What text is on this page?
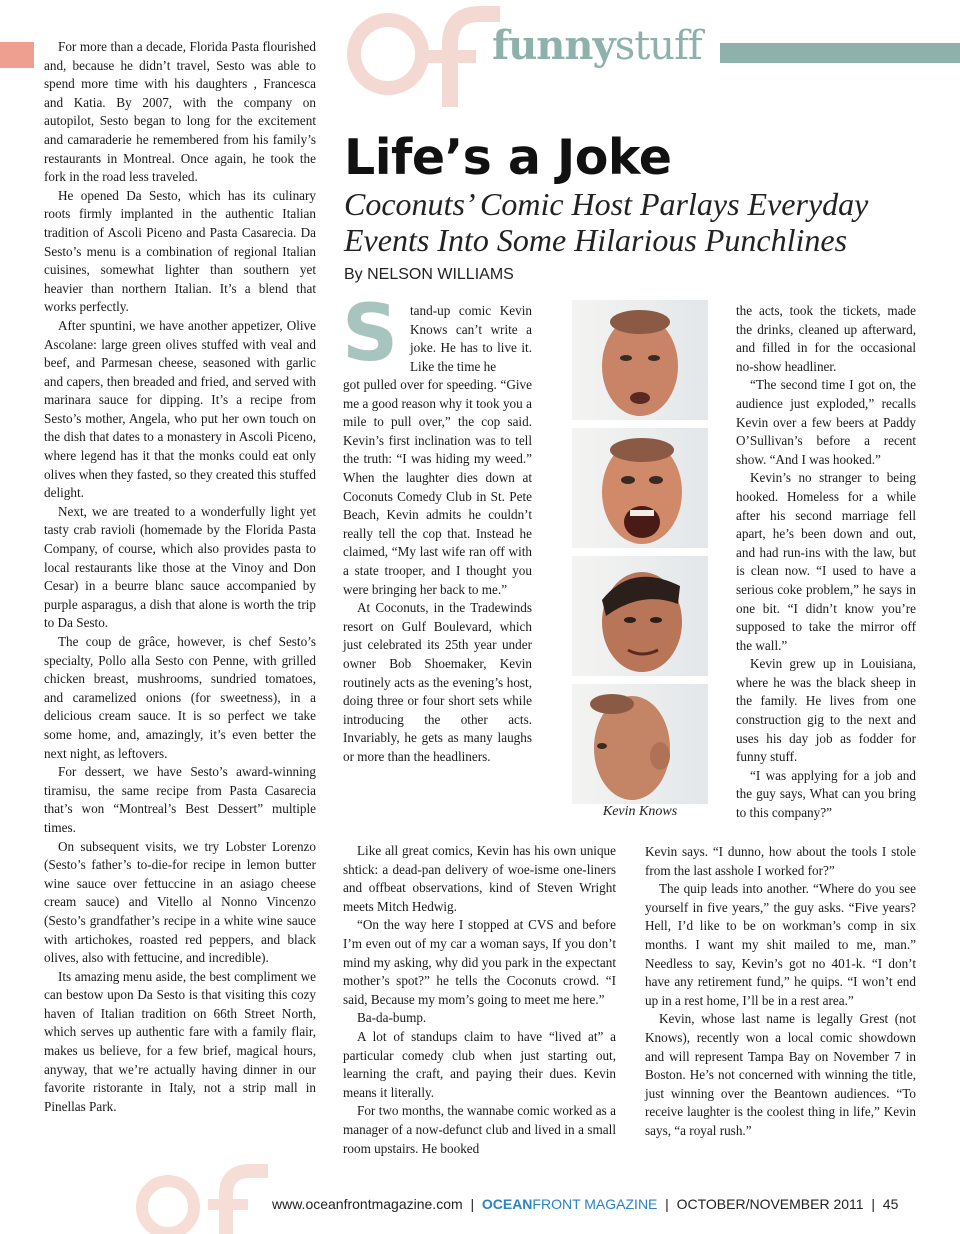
For more than a decade, Florida Pasta flourished and, because he didn’t travel, Sesto was able to spend more time with his daughters , Francesca and Katia. By 2007, with the company on autopilot, Sesto began to long for the excitement and camaraderie he remembered from his family’s restaurants in Montreal. Once again, he took the fork in the road less traveled.

He opened Da Sesto, which has its culinary roots firmly implanted in the authentic Italian tradition of Ascoli Piceno and Pasta Casarecia. Da Sesto’s menu is a combination of regional Italian cuisines, somewhat lighter than southern yet heavier than northern Italian. It’s a blend that works perfectly.

After spuntini, we have another appetizer, Olive Ascolane: large green olives stuffed with veal and beef, and Parmesan cheese, seasoned with garlic and capers, then breaded and fried, and served with marinara sauce for dipping. It’s a recipe from Sesto’s mother, Angela, who put her own touch on the dish that dates to a monastery in Ascoli Piceno, where legend has it that the monks could eat only olives when they fasted, so they created this stuffed delight.

Next, we are treated to a wonderfully light yet tasty crab ravioli (homemade by the Florida Pasta Company, of course, which also provides pasta to local restaurants like those at the Vinoy and Don Cesar) in a beurre blanc sauce accompanied by purple asparagus, a dish that alone is worth the trip to Da Sesto.

The coup de grâce, however, is chef Sesto’s specialty, Pollo alla Sesto con Penne, with grilled chicken breast, mushrooms, sundried tomatoes, and caramelized onions (for sweetness), in a delicious cream sauce. It is so perfect we take some home, and, amazingly, it’s even better the next night, as leftovers.

For dessert, we have Sesto’s award-winning tiramisu, the same recipe from Pasta Casarecia that’s won “Montreal’s Best Dessert” multiple times.

On subsequent visits, we try Lobster Lorenzo (Sesto’s father’s to-die-for recipe in lemon butter wine sauce over fettuccine in an asiago cheese cream sauce) and Vitello al Nonno Vincenzo (Sesto’s grandfather’s recipe in a white wine sauce with artichokes, roasted red peppers, and black olives, also with fettucine, and incredible).

Its amazing menu aside, the best compliment we can bestow upon Da Sesto is that visiting this cozy haven of Italian tradition on 66th Street North, which serves up authentic fare with a family flair, makes us believe, for a few brief, magical hours, anyway, that we’re actually having dinner in our favorite ristorante in Italy, not a strip mall in Pinellas Park.

funnystuff
Life’s a Joke
Coconuts’ Comic Host Parlays Everyday Events Into Some Hilarious Punchlines
By NELSON WILLIAMS
S tand-up comic Kevin Knows can’t write a joke. He has to live it. Like the time he

got pulled over for speeding. “Give me a good reason why it took you a mile to pull over,” the cop said. Kevin’s first inclination was to tell the truth: “I was hiding my weed.” When the laughter dies down at Coconuts Comedy Club in St. Pete Beach, Kevin admits he couldn’t really tell the cop that. Instead he claimed, “My last wife ran off with a state trooper, and I thought you were bringing her back to me.”

At Coconuts, in the Tradewinds resort on Gulf Boulevard, which just celebrated its 25th year under owner Bob Shoemaker, Kevin routinely acts as the evening’s host, doing three or four short sets while introducing the other acts. Invariably, he gets as many laughs or more than the headliners.

Like all great comics, Kevin has his own unique shtick: a dead-pan delivery of woe-isme one-liners and offbeat observations, kind of Steven Wright meets Mitch Hedwig.

“On the way here I stopped at CVS and before I’m even out of my car a woman says, If you don’t mind my asking, why did you park in the expectant mother’s spot?” he tells the Coconuts crowd. “I said, Because my mom’s going to meet me here.”

Ba-da-bump.

A lot of standups claim to have “lived at” a particular comedy club when just starting out, learning the craft, and paying their dues. Kevin means it literally.

For two months, the wannabe comic worked as a manager of a now-defunct club and lived in a small room upstairs. He booked

Kevin Knows

the acts, took the tickets, made the drinks, cleaned up afterward, and filled in for the occasional no-show headliner.

“The second time I got on, the audience just exploded,” recalls Kevin over a few beers at Paddy O’Sullivan’s before a recent show. “And I was hooked.”

Kevin’s no stranger to being hooked. Homeless for a while after his second marriage fell apart, he’s been down and out, and had run-ins with the law, but is clean now. “I used to have a serious coke problem,” he says in one bit. “I didn’t know you’re supposed to take the mirror off the wall.”

Kevin grew up in Louisiana, where he was the black sheep in the family. He lives from one construction gig to the next and uses his day job as fodder for funny stuff.

“I was applying for a job and the guy says, What can you bring to this company?”

Kevin says. “I dunno, how about the tools I stole from the last asshole I worked for?”

The quip leads into another. “Where do you see yourself in five years,” the guy asks. “Five years? Hell, I’d like to be on workman’s comp in six months. I want my shit mailed to me, man.” Needless to say, Kevin’s got no 401-k. “I don’t have any retirement fund,” he quips. “I won’t end up in a rest home, I’ll be in a rest area.”

Kevin, whose last name is legally Grest (not Knows), recently won a local comic showdown and will represent Tampa Bay on November 7 in Boston. He’s not concerned with winning the title, just winning over the Beantown audiences. “To receive laughter is the coolest thing in life,” Kevin says, “a royal rush.”

www.oceanfrontmagazine.com | OCEANFRONT MAGAZINE | OCTOBER/NOVEMBER 2011 | 45
